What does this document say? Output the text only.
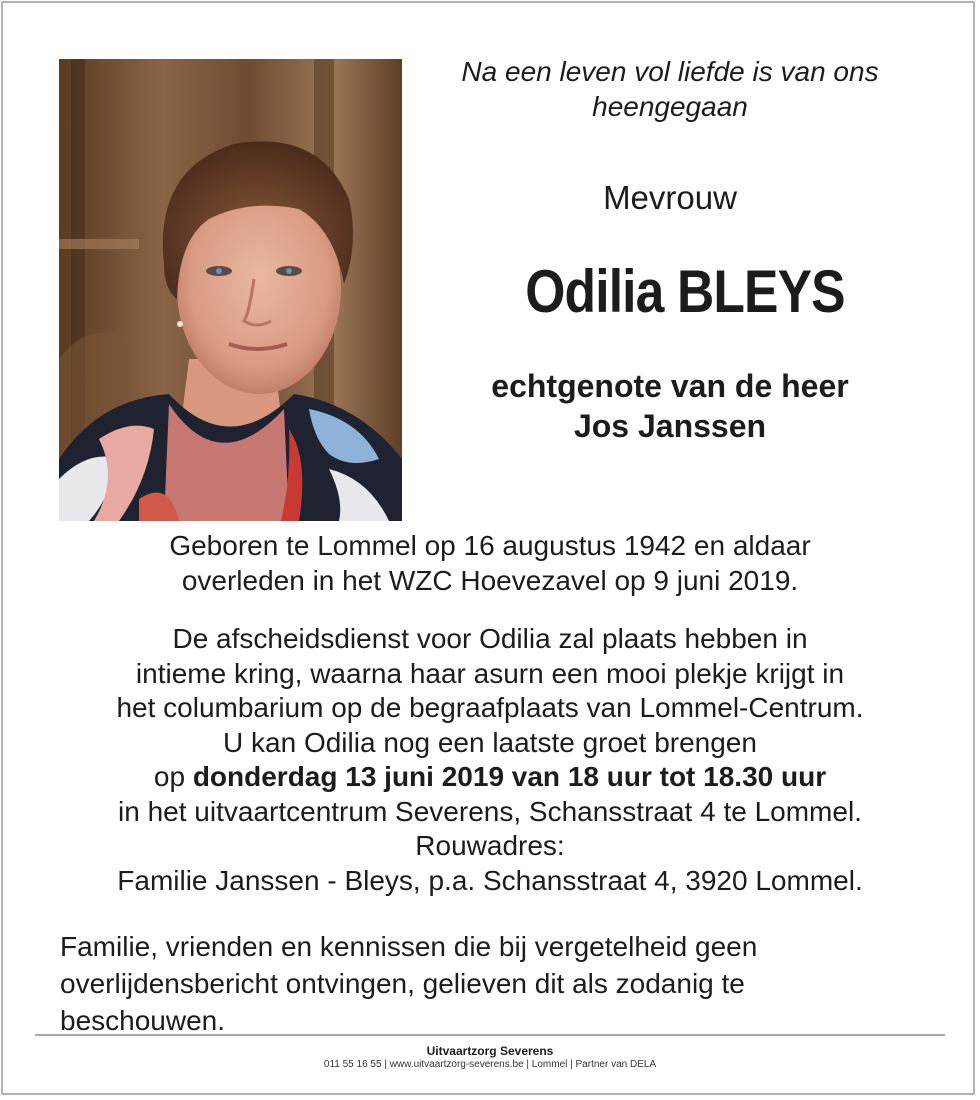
Na een leven vol liefde is van ons
heengegaan
Mevrouw
Odilia BLEYS
echtgenote van de heer
Jos Janssen
Geboren te Lommel op 16 augustus 1942 en aldaar
overleden in het WZC Hoevezavel op 9 juni 2019.
De afscheidsdienst voor Odilia zal plaats hebben in
intieme kring, waarna haar asurn een mooi plekje krijgt in
het columbarium op de begraafplaats van Lommel-Centrum.
U kan Odilia nog een laatste groet brengen
op donderdag 13 juni 2019 van 18 uur tot 18.30 uur
in het uitvaartcentrum Severens, Schansstraat 4 te Lommel.
Rouwadres:
Familie Janssen - Bleys, p.a. Schansstraat 4, 3920 Lommel.
Familie, vrienden en kennissen die bij vergetelheid geen
overlijdensbericht ontvingen, gelieven dit als zodanig te
beschouwen.
Uitvaartzorg Severens
011 55 16 55 | www.uitvaartzorg-severens.be | Lommel | Partner van DELA
